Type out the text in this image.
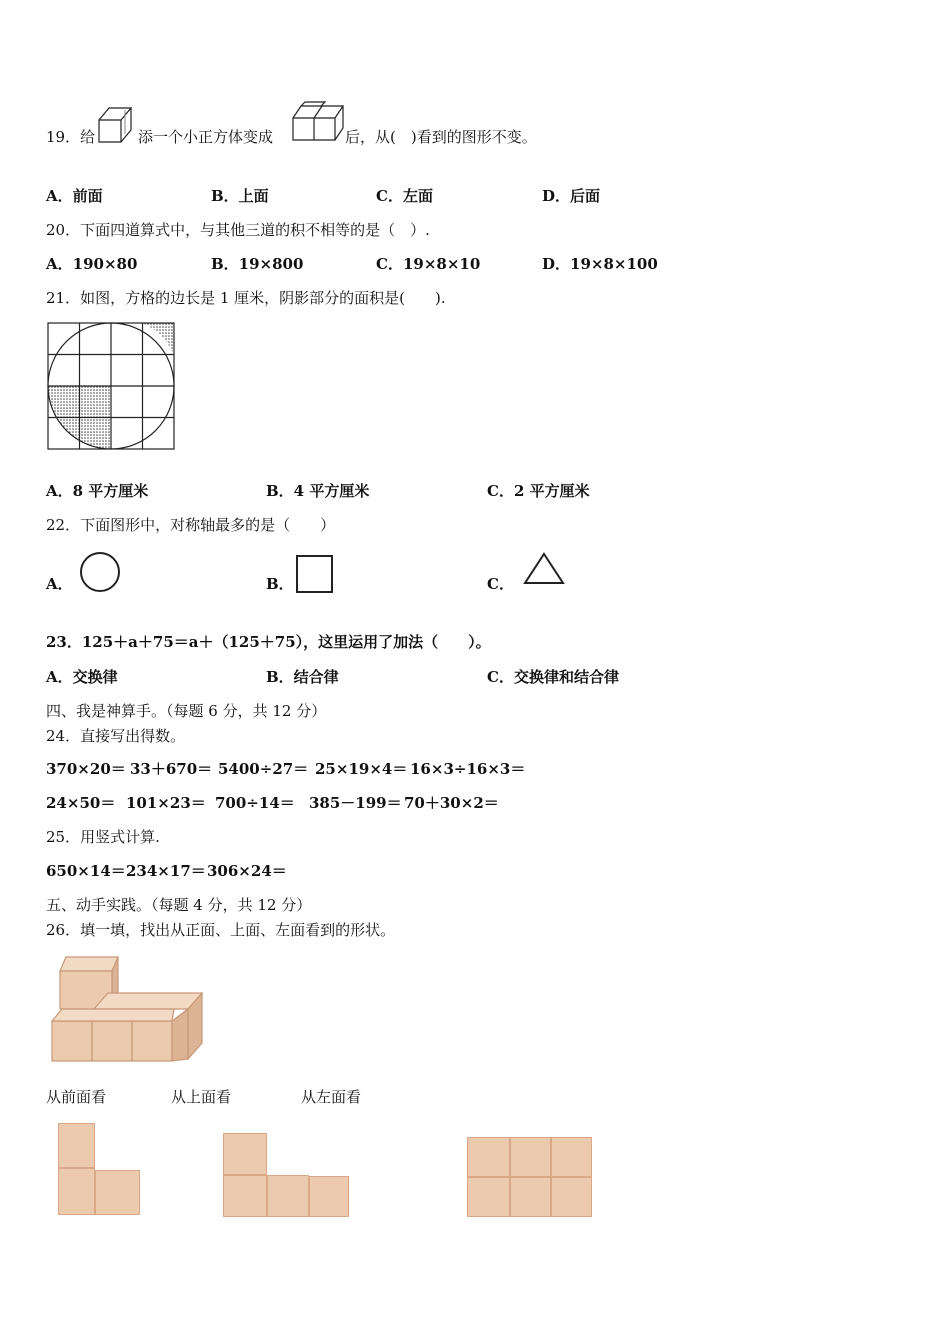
19．给	添一个小正方体变成	后，从(　)看到的图形不变。
A．前面	B．上面	C．左面	D．后面
20．下面四道算式中，与其他三道的积不相等的是（　）.
A．190×80	B．19×800	C．19×8×10	D．19×8×100
21．如图，方格的边长是 1 厘米，阴影部分的面积是(　　).
A．8 平方厘米	B．4 平方厘米	C．2 平方厘米
22．下面图形中，对称轴最多的是（　　）
A．	B．	C．
23．125＋a＋75＝a＋（125＋75），这里运用了加法（　　）。
A．交换律	B．结合律	C．交换律和结合律
四、我是神算手。（每题 6 分，共 12 分）
24．直接写出得数。
370×20＝ 33＋670＝ 5400÷27＝ 25×19×4＝ 16×3÷16×3＝
24×50＝ 101×23＝ 700÷14＝ 385－199＝ 70＋30×2＝
25．用竖式计算.
650×14＝ 234×17＝ 306×24＝
五、动手实践。（每题 4 分，共 12 分）
26．填一填，找出从正面、上面、左面看到的形状。
从前面看	从上面看	从左面看
